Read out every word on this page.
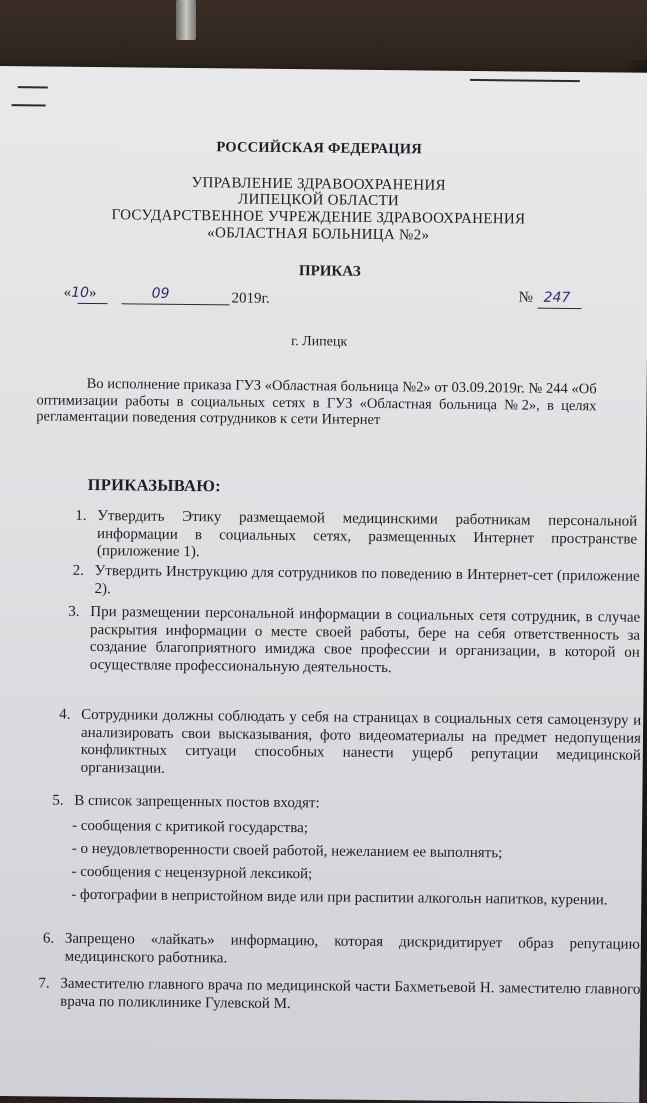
РОССИЙСКАЯ ФЕДЕРАЦИЯ
УПРАВЛЕНИЕ ЗДРАВООХРАНЕНИЯ
ЛИПЕЦКОЙ ОБЛАСТИ
ГОСУДАРСТВЕННОЕ УЧРЕЖДЕНИЕ ЗДРАВООХРАНЕНИЯ
«ОБЛАСТНАЯ БОЛЬНИЦА №2»
ПРИКАЗ
«10»	09	2019г.	№ 247
г. Липецк
Во исполнение приказа ГУЗ «Областная больница №2» от 03.09.2019г. № 244 «Об оптимизации работы в социальных сетях в ГУЗ «Областная больница №2», в целях регламентации поведения сотрудников к сети Интернет
ПРИКАЗЫВАЮ:
1. Утвердить Этику размещаемой медицинскими работникам персональной информации в социальных сетях, размещенных Интернет пространстве (приложение 1).
2. Утвердить Инструкцию для сотрудников по поведению в Интернет-сет (приложение 2).
3. При размещении персональной информации в социальных сетя сотрудник, в случае раскрытия информации о месте своей работы, бере на себя ответственность за создание благоприятного имиджа свое профессии и организации, в которой он осуществляе профессиональную деятельность.
4. Сотрудники должны соблюдать у себя на страницах в социальных сетя самоцензуру и анализировать свои высказывания, фото видеоматериалы на предмет недопущения конфликтных ситуаци способных нанести ущерб репутации медицинской организации.
5. В список запрещенных постов входят:
- сообщения с критикой государства;
- о неудовлетворенности своей работой, нежеланием ее выполнять;
- сообщения с нецензурной лексикой;
- фотографии в непристойном виде или при распитии алкогольн напитков, курении.
6. Запрещено «лайкать» информацию, которая дискридитирует образ репутацию медицинского работника.
7. Заместителю главного врача по медицинской части Бахметьевой Н. заместителю главного врача по поликлинике Гулевской М.
